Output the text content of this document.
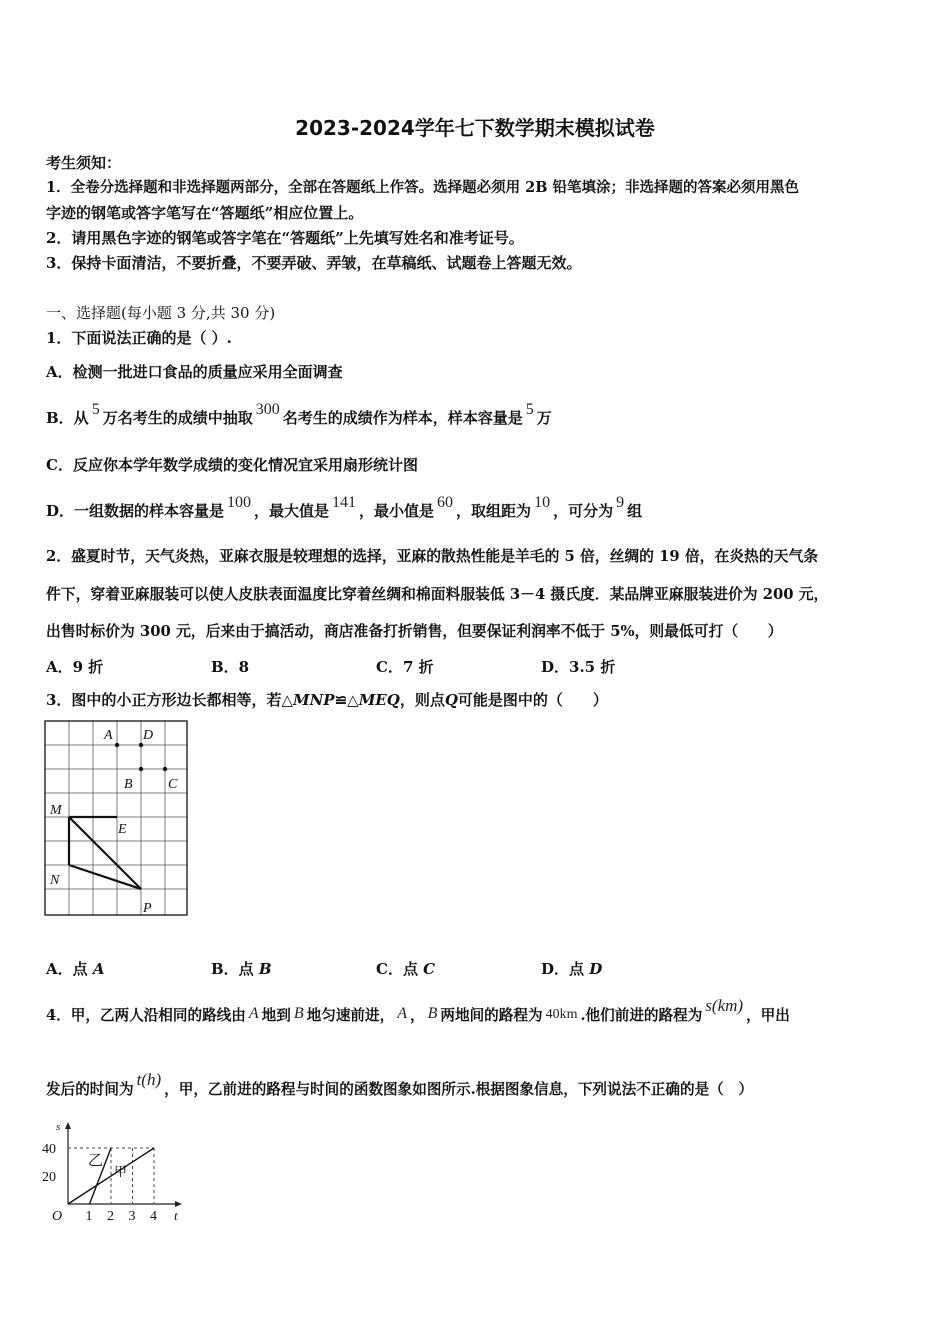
2023-2024学年七下数学期末模拟试卷
考生须知：
1．全卷分选择题和非选择题两部分，全部在答题纸上作答。选择题必须用 2B 铅笔填涂；非选择题的答案必须用黑色
字迹的钢笔或答字笔写在“答题纸”相应位置上。
2．请用黑色字迹的钢笔或答字笔在“答题纸”上先填写姓名和准考证号。
3．保持卡面清洁，不要折叠，不要弄破、弄皱，在草稿纸、试题卷上答题无效。
一、选择题(每小题 3 分,共 30 分)
1．下面说法正确的是（ ）.
A．检测一批进口食品的质量应采用全面调查
B．从 5 万名考生的成绩中抽取 300 名考生的成绩作为样本，样本容量是 5 万
C．反应你本学年数学成绩的变化情况宜采用扇形统计图
D．一组数据的样本容量是 100 ，最大值是 141 ，最小值是 60 ，取组距为 10 ，可分为 9 组
2．盛夏时节，天气炎热，亚麻衣服是较理想的选择，亚麻的散热性能是羊毛的 5 倍，丝绸的 19 倍，在炎热的天气条
件下，穿着亚麻服装可以使人皮肤表面温度比穿着丝绸和棉面料服装低 3－4 摄氏度．某品牌亚麻服装进价为 200 元，
出售时标价为 300 元，后来由于搞活动，商店准备打折销售，但要保证利润率不低于 5%，则最低可打（　　）
A．9 折	B．8	C．7 折	D．3.5 折
3．图中的小正方形边长都相等，若△MNP≌△MEQ，则点Q可能是图中的（　　）
A D
B	C
M
E
N
P
A．点 A	B．点 B	C．点 C	D．点 D
4．甲，乙两人沿相同的路线由 A 地到 B 地匀速前进， A ， B 两地间的路程为 40km .他们前进的路程为s(km)，甲出
发后的时间为t(h)，甲，乙前进的路程与时间的函数图象如图所示.根据图象信息，下列说法不正确的是（　）
甲
乙
1 2 3 4
20
40
O	t
s
